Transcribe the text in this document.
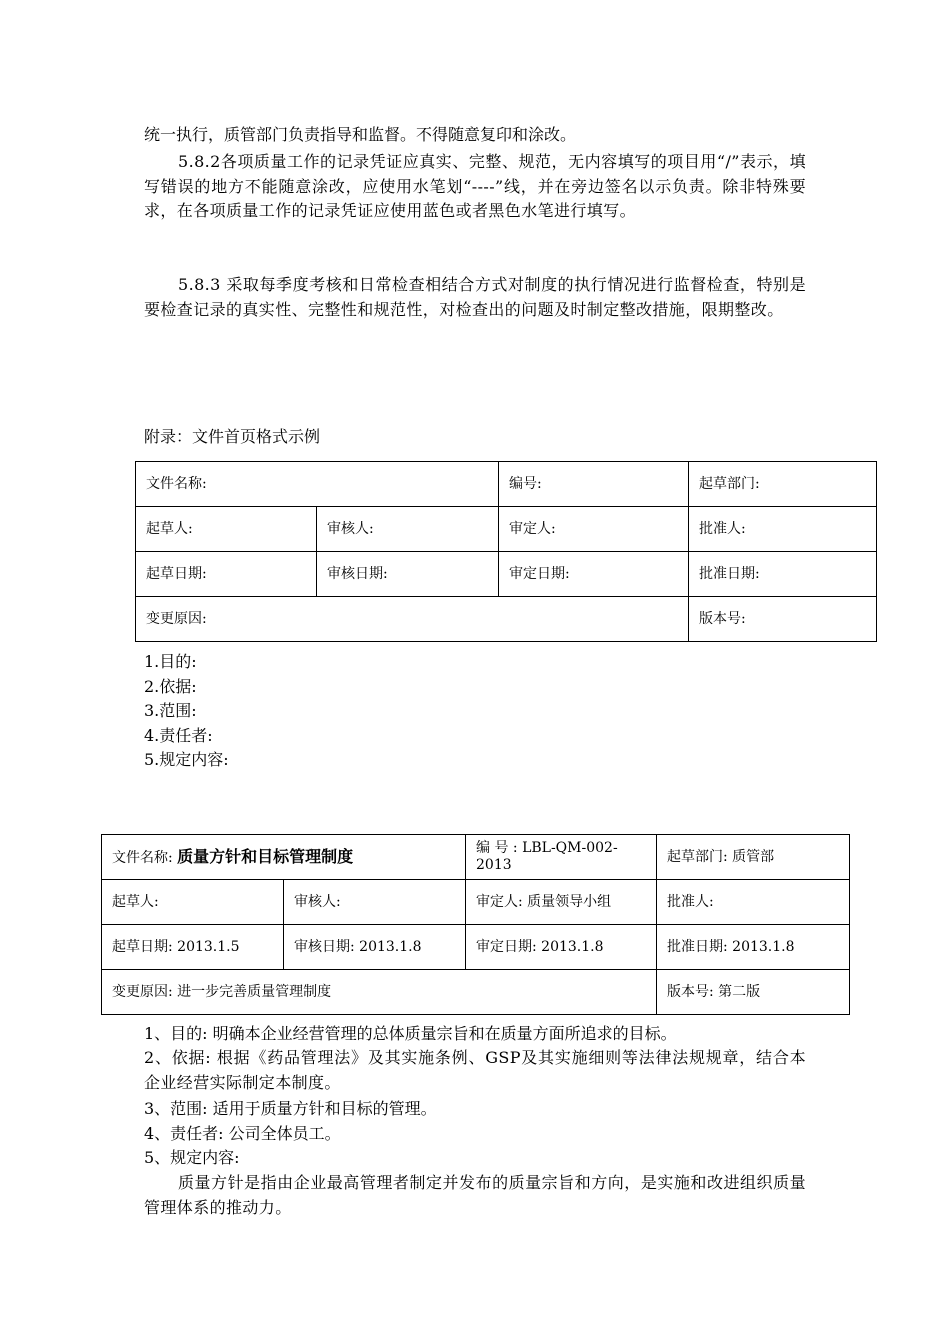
统一执行，质管部门负责指导和监督。不得随意复印和涂改。

5.8.2各项质量工作的记录凭证应真实、完整、规范，无内容填写的项目用“/”表示，填写错误的地方不能随意涂改，应使用水笔划“----”线，并在旁边签名以示负责。除非特殊要求，在各项质量工作的记录凭证应使用蓝色或者黑色水笔进行填写。

5.8.3 采取每季度考核和日常检查相结合方式对制度的执行情况进行监督检查，特别是要检查记录的真实性、完整性和规范性，对检查出的问题及时制定整改措施，限期整改。

附录：文件首页格式示例

文件名称:		编号:	起草部门:
起草人:	审核人:	审定人:	批准人:
起草日期:	审核日期:	审定日期:	批准日期:
变更原因:			版本号:

1.目的:

2.依据:

3.范围:

4.责任者:

5.规定内容:

文件名称: 质量方针和目标管理制度		编 号 : LBL-QM-002-2013	起草部门: 质管部
起草人:	审核人:	审定人: 质量领导小组	批准人:
起草日期: 2013.1.5	审核日期: 2013.1.8	审定日期: 2013.1.8	批准日期: 2013.1.8
变更原因: 进一步完善质量管理制度			版本号: 第二版

1、目的: 明确本企业经营管理的总体质量宗旨和在质量方面所追求的目标。

2、依据: 根据《药品管理法》及其实施条例、GSP及其实施细则等法律法规规章，结合本企业经营实际制定本制度。

3、范围: 适用于质量方针和目标的管理。

4、责任者: 公司全体员工。

5、规定内容:

质量方针是指由企业最高管理者制定并发布的质量宗旨和方向，是实施和改进组织质量管理体系的推动力。
